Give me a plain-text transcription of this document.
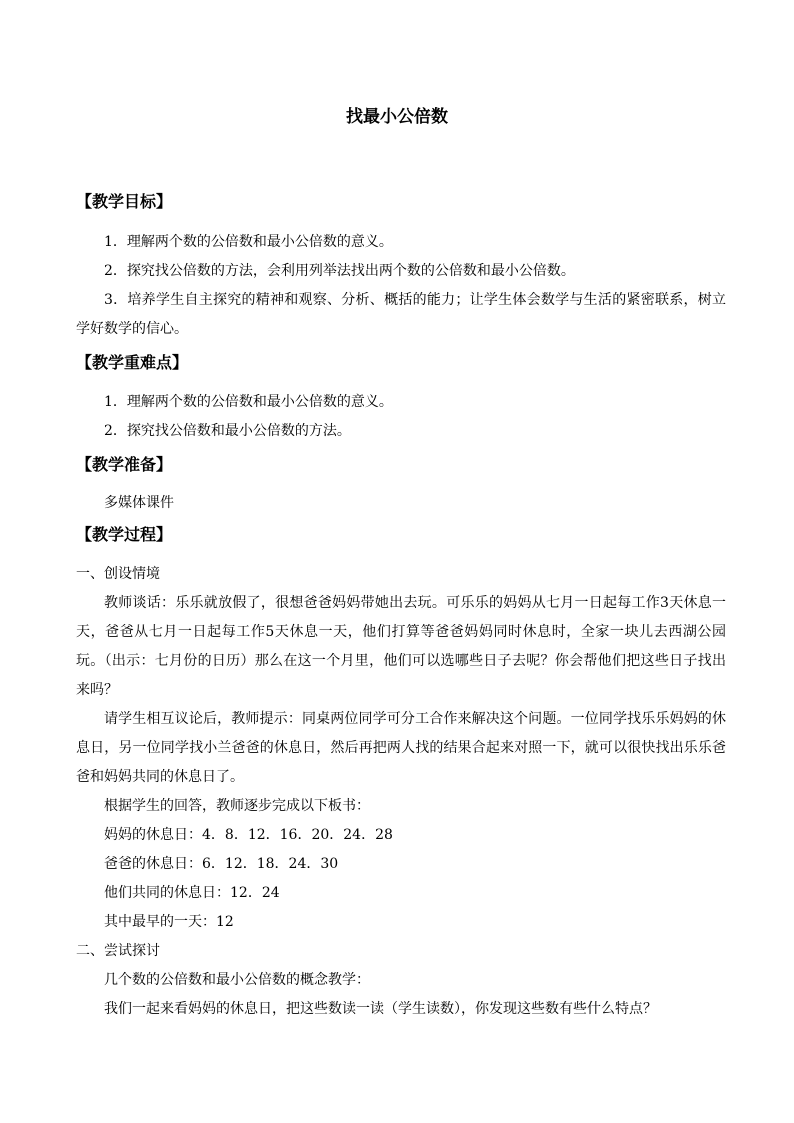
找最小公倍数
【教学目标】
1．理解两个数的公倍数和最小公倍数的意义。
2．探究找公倍数的方法，会利用列举法找出两个数的公倍数和最小公倍数。
3．培养学生自主探究的精神和观察、分析、概括的能力；让学生体会数学与生活的紧密联系，树立学好数学的信心。
【教学重难点】
1．理解两个数的公倍数和最小公倍数的意义。
2．探究找公倍数和最小公倍数的方法。
【教学准备】
多媒体课件
【教学过程】
一、创设情境
教师谈话：乐乐就放假了，很想爸爸妈妈带她出去玩。可乐乐的妈妈从七月一日起每工作3天休息一天，爸爸从七月一日起每工作5天休息一天，他们打算等爸爸妈妈同时休息时，全家一块儿去西湖公园玩。（出示：七月份的日历）那么在这一个月里，他们可以选哪些日子去呢？你会帮他们把这些日子找出来吗？
请学生相互议论后，教师提示：同桌两位同学可分工合作来解决这个问题。一位同学找乐乐妈妈的休息日，另一位同学找小兰爸爸的休息日，然后再把两人找的结果合起来对照一下，就可以很快找出乐乐爸爸和妈妈共同的休息日了。
根据学生的回答，教师逐步完成以下板书：
妈妈的休息日：4．8．12．16．20．24．28
爸爸的休息日：6．12．18．24．30
他们共同的休息日：12．24
其中最早的一天：12
二、尝试探讨
几个数的公倍数和最小公倍数的概念教学：
我们一起来看妈妈的休息日，把这些数读一读（学生读数），你发现这些数有些什么特点？
